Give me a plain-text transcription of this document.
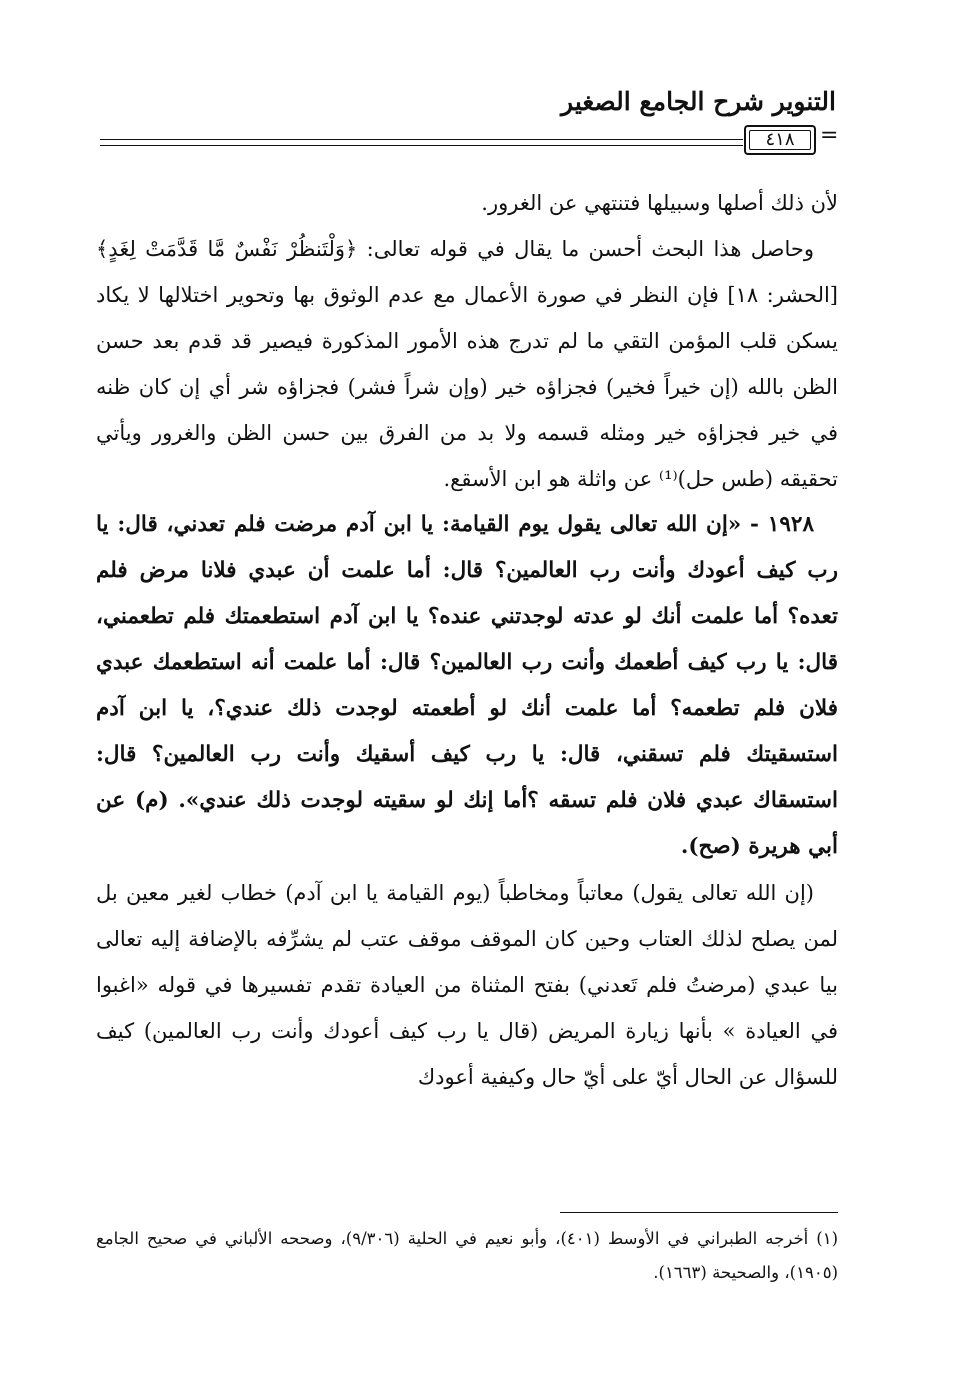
التنوير شرح الجامع الصغير
٤١٨	=

لأن ذلك أصلها وسبيلها فتنتهي عن الغرور.

وحاصل هذا البحث أحسن ما يقال في قوله تعالى: ﴿وَلْتَنظُرْ نَفْسٌ مَّا قَدَّمَتْ لِغَدٍ﴾ [الحشر: ١٨] فإن النظر في صورة الأعمال مع عدم الوثوق بها وتحوير اختلالها لا يكاد يسكن قلب المؤمن التقي ما لم تدرج هذه الأمور المذكورة فيصير قد قدم بعد حسن الظن بالله (إن خيراً فخير) فجزاؤه خير (وإن شراً فشر) فجزاؤه شر أي إن كان ظنه في خير فجزاؤه خير ومثله قسمه ولا بد من الفرق بين حسن الظن والغرور ويأتي تحقيقه (طس حل)⁽¹⁾ عن واثلة هو ابن الأسقع.

١٩٢٨ - «إن الله تعالى يقول يوم القيامة: يا ابن آدم مرضت فلم تعدني، قال: يا رب كيف أعودك وأنت رب العالمين؟ قال: أما علمت أن عبدي فلانا مرض فلم تعده؟ أما علمت أنك لو عدته لوجدتني عنده؟ يا ابن آدم استطعمتك فلم تطعمني، قال: يا رب كيف أطعمك وأنت رب العالمين؟ قال: أما علمت أنه استطعمك عبدي فلان فلم تطعمه؟ أما علمت أنك لو أطعمته لوجدت ذلك عندي؟، يا ابن آدم استسقيتك فلم تسقني، قال: يا رب كيف أسقيك وأنت رب العالمين؟ قال: استسقاك عبدي فلان فلم تسقه ؟أما إنك لو سقيته لوجدت ذلك عندي». (م) عن أبي هريرة (صح).

(إن الله تعالى يقول) معاتباً ومخاطباً (يوم القيامة يا ابن آدم) خطاب لغير معين بل لمن يصلح لذلك العتاب وحين كان الموقف موقف عتب لم يشرِّفه بالإضافة إليه تعالى بيا عبدي (مرضتُ فلم تَعدني) بفتح المثناة من العيادة تقدم تفسيرها في قوله «اغبوا في العيادة » بأنها زيارة المريض (قال يا رب كيف أعودك وأنت رب العالمين) كيف للسؤال عن الحال أيّ على أيّ حال وكيفية أعودك

(١) أخرجه الطبراني في الأوسط (٤٠١)، وأبو نعيم في الحلية (٩/٣٠٦)، وصححه الألباني في صحيح الجامع (١٩٠٥)، والصحيحة (١٦٦٣).
